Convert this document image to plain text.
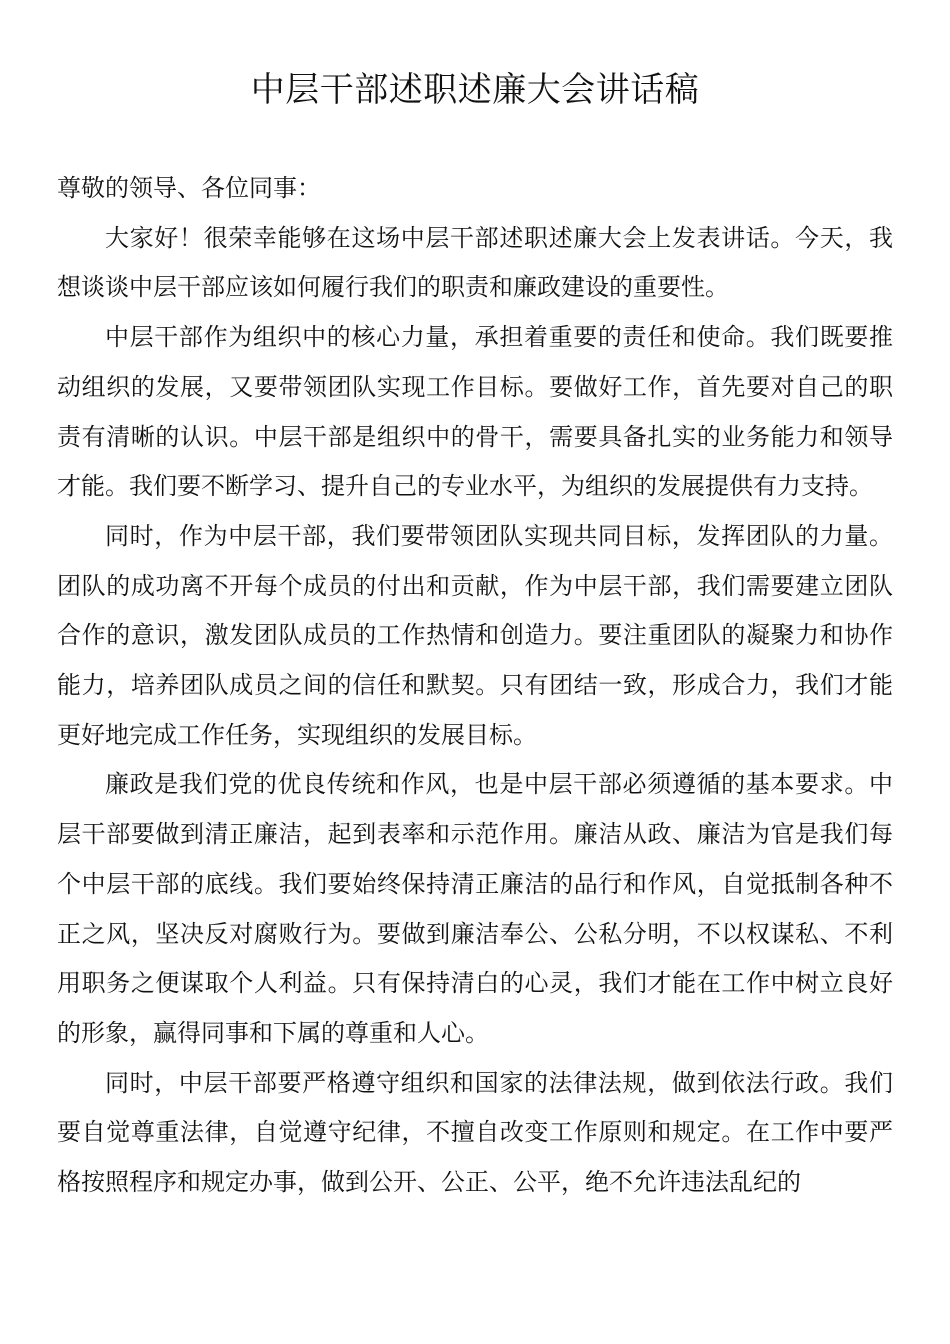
中层干部述职述廉大会讲话稿

尊敬的领导、各位同事：

大家好！很荣幸能够在这场中层干部述职述廉大会上发表讲话。今天，我想谈谈中层干部应该如何履行我们的职责和廉政建设的重要性。

中层干部作为组织中的核心力量，承担着重要的责任和使命。我们既要推动组织的发展，又要带领团队实现工作目标。要做好工作，首先要对自己的职责有清晰的认识。中层干部是组织中的骨干，需要具备扎实的业务能力和领导才能。我们要不断学习、提升自己的专业水平，为组织的发展提供有力支持。

同时，作为中层干部，我们要带领团队实现共同目标，发挥团队的力量。团队的成功离不开每个成员的付出和贡献，作为中层干部，我们需要建立团队合作的意识，激发团队成员的工作热情和创造力。要注重团队的凝聚力和协作能力，培养团队成员之间的信任和默契。只有团结一致，形成合力，我们才能更好地完成工作任务，实现组织的发展目标。

廉政是我们党的优良传统和作风，也是中层干部必须遵循的基本要求。中层干部要做到清正廉洁，起到表率和示范作用。廉洁从政、廉洁为官是我们每个中层干部的底线。我们要始终保持清正廉洁的品行和作风，自觉抵制各种不正之风，坚决反对腐败行为。要做到廉洁奉公、公私分明，不以权谋私、不利用职务之便谋取个人利益。只有保持清白的心灵，我们才能在工作中树立良好的形象，赢得同事和下属的尊重和人心。

同时，中层干部要严格遵守组织和国家的法律法规，做到依法行政。我们要自觉尊重法律，自觉遵守纪律，不擅自改变工作原则和规定。在工作中要严格按照程序和规定办事，做到公开、公正、公平，绝不允许违法乱纪的
